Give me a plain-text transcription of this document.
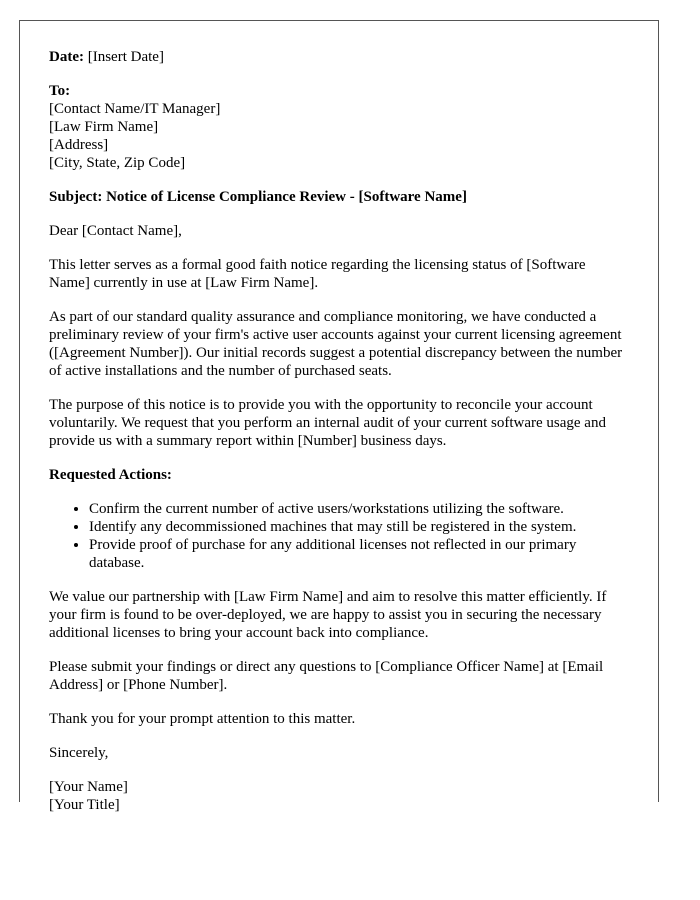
Date: [Insert Date]

To:
[Contact Name/IT Manager]
[Law Firm Name]
[Address]
[City, State, Zip Code]

Subject: Notice of License Compliance Review - [Software Name]

Dear [Contact Name],

This letter serves as a formal good faith notice regarding the licensing status of [Software Name] currently in use at [Law Firm Name].

As part of our standard quality assurance and compliance monitoring, we have conducted a preliminary review of your firm's active user accounts against your current licensing agreement ([Agreement Number]). Our initial records suggest a potential discrepancy between the number of active installations and the number of purchased seats.

The purpose of this notice is to provide you with the opportunity to reconcile your account voluntarily. We request that you perform an internal audit of your current software usage and provide us with a summary report within [Number] business days.

Requested Actions:

• Confirm the current number of active users/workstations utilizing the software.
• Identify any decommissioned machines that may still be registered in the system.
• Provide proof of purchase for any additional licenses not reflected in our primary database.

We value our partnership with [Law Firm Name] and aim to resolve this matter efficiently. If your firm is found to be over-deployed, we are happy to assist you in securing the necessary additional licenses to bring your account back into compliance.

Please submit your findings or direct any questions to [Compliance Officer Name] at [Email Address] or [Phone Number].

Thank you for your prompt attention to this matter.

Sincerely,

[Your Name]
[Your Title]
